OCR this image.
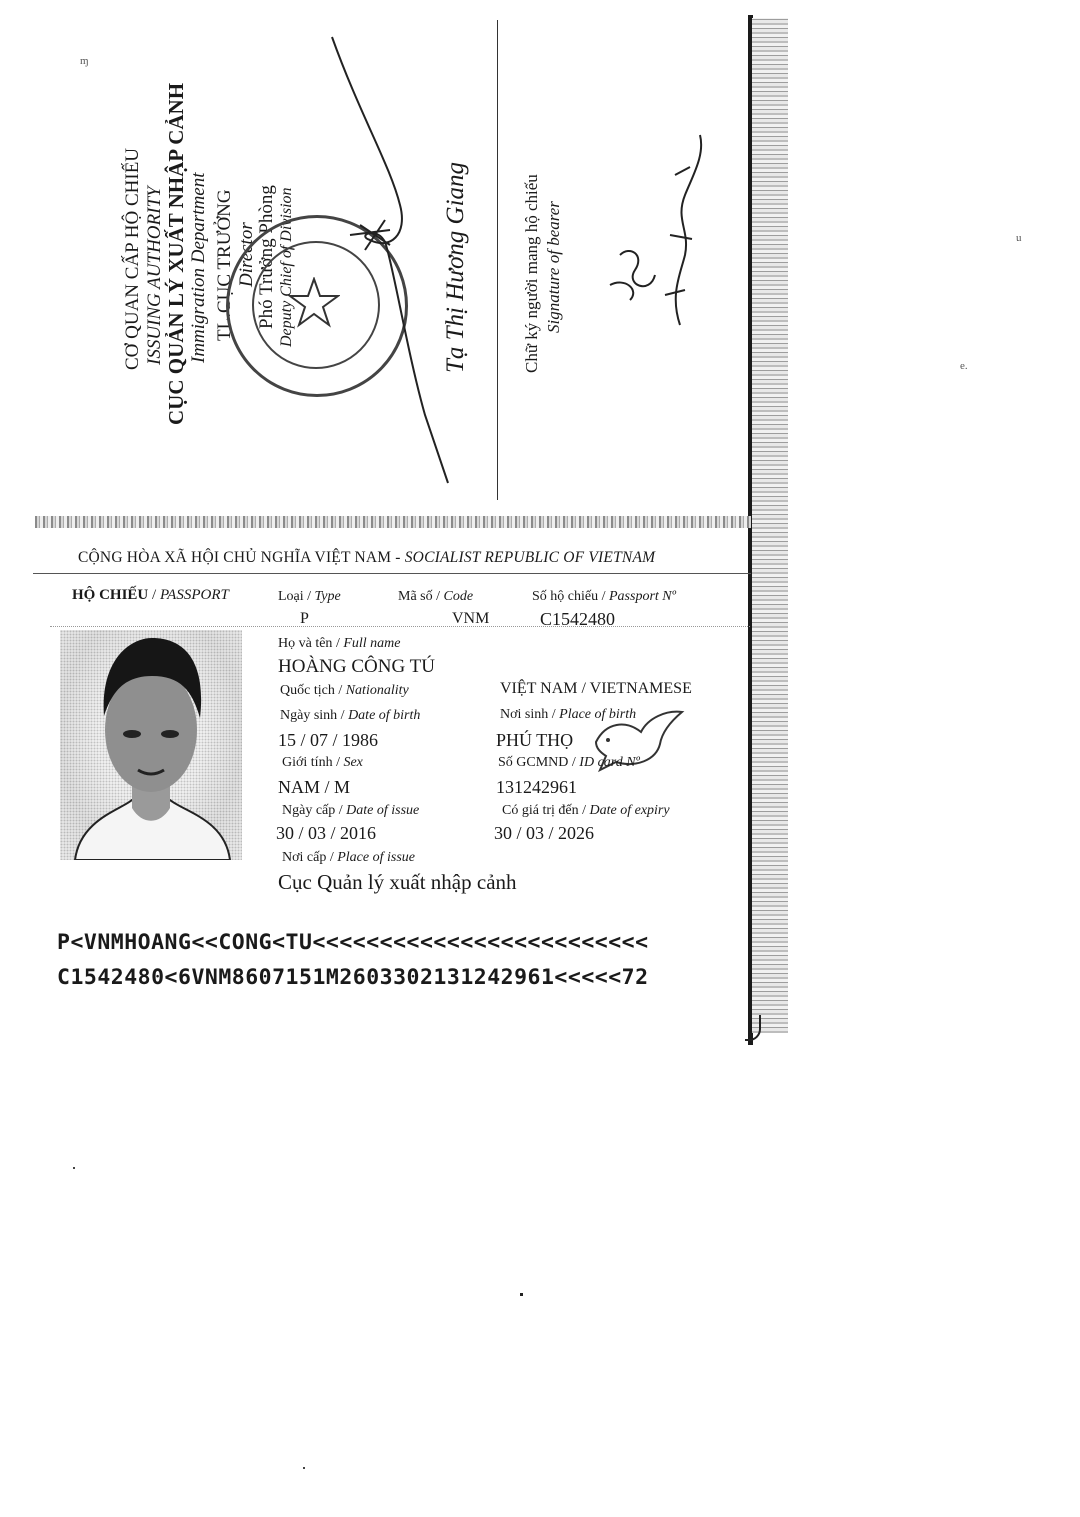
CƠ QUAN CẤP HỘ CHIẾU ISSUING AUTHORITY CỤC QUẢN LÝ XUẤT NHẬP CẢNH Immigration Department TL.CỤC TRƯỞNG Director Phó Trưởng Phòng Deputy Chief of Division	Tạ Thị Hương Giang	Chữ ký người mang hộ chiếu Signature of bearer
ɱ
u
e.
CỘNG HÒA XÃ HỘI CHỦ NGHĨA VIỆT NAM - SOCIALIST REPUBLIC OF VIETNAM
HỘ CHIẾU / PASSPORT	Loại / Type	Mã số / Code	Số hộ chiếu / Passport Nº
P	VNM	C1542480
Họ và tên / Full name
HOÀNG CÔNG TÚ
Quốc tịch / Nationality	VIỆT NAM / VIETNAMESE
Ngày sinh / Date of birth	Nơi sinh / Place of birth
15 / 07 / 1986	PHÚ THỌ
Giới tính / Sex	Số GCMND / ID card Nº
NAM / M	131242961
Ngày cấp / Date of issue	Có giá trị đến / Date of expiry
30 / 03 / 2016	30 / 03 / 2026
Nơi cấp / Place of issue
Cục Quản lý xuất nhập cảnh
P<VNMHOANG<<CONG<TU<<<<<<<<<<<<<<<<<<<<<<<<<
C1542480<6VNM8607151M2603302131242961<<<<<72
